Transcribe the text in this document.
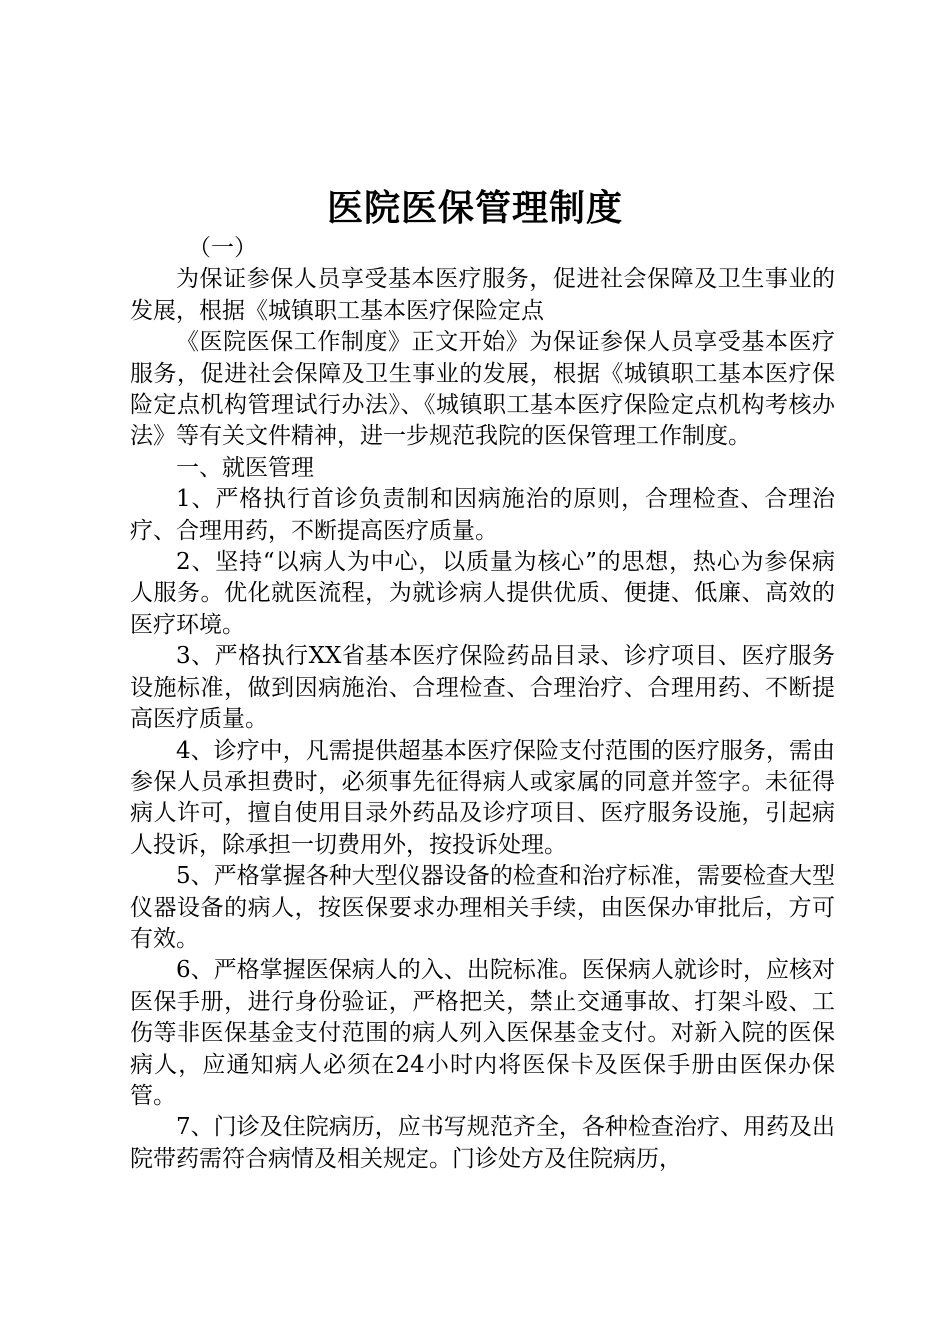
医院医保管理制度

（一）

为保证参保人员享受基本医疗服务，促进社会保障及卫生事业的发展，根据《城镇职工基本医疗保险定点

《医院医保工作制度》正文开始》为保证参保人员享受基本医疗服务，促进社会保障及卫生事业的发展，根据《城镇职工基本医疗保险定点机构管理试行办法》、《城镇职工基本医疗保险定点机构考核办法》等有关文件精神，进一步规范我院的医保管理工作制度。

一、就医管理

1、严格执行首诊负责制和因病施治的原则，合理检查、合理治疗、合理用药，不断提高医疗质量。

2、坚持“以病人为中心，以质量为核心”的思想，热心为参保病人服务。优化就医流程，为就诊病人提供优质、便捷、低廉、高效的医疗环境。

3、严格执行XX省基本医疗保险药品目录、诊疗项目、医疗服务设施标准，做到因病施治、合理检查、合理治疗、合理用药、不断提高医疗质量。

4、诊疗中，凡需提供超基本医疗保险支付范围的医疗服务，需由参保人员承担费时，必须事先征得病人或家属的同意并签字。未征得病人许可，擅自使用目录外药品及诊疗项目、医疗服务设施，引起病人投诉，除承担一切费用外，按投诉处理。

5、严格掌握各种大型仪器设备的检查和治疗标准，需要检查大型仪器设备的病人，按医保要求办理相关手续，由医保办审批后，方可有效。

6、严格掌握医保病人的入、出院标准。医保病人就诊时，应核对医保手册，进行身份验证，严格把关，禁止交通事故、打架斗殴、工伤等非医保基金支付范围的病人列入医保基金支付。对新入院的医保病人，应通知病人必须在24小时内将医保卡及医保手册由医保办保管。

7、门诊及住院病历，应书写规范齐全，各种检查治疗、用药及出院带药需符合病情及相关规定。门诊处方及住院病历，
